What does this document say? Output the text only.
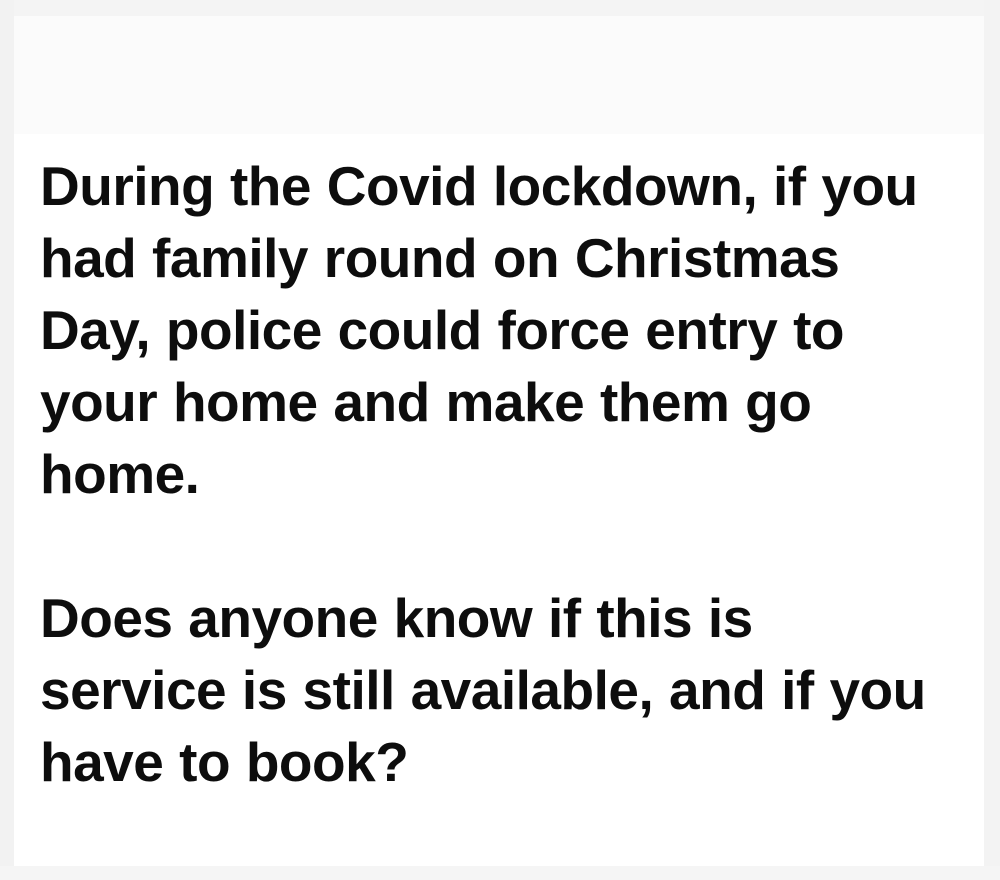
During the Covid lockdown, if you had family round on Christmas Day, police could force entry to your home and make them go home.

Does anyone know if this is service is still available, and if you have to book?
